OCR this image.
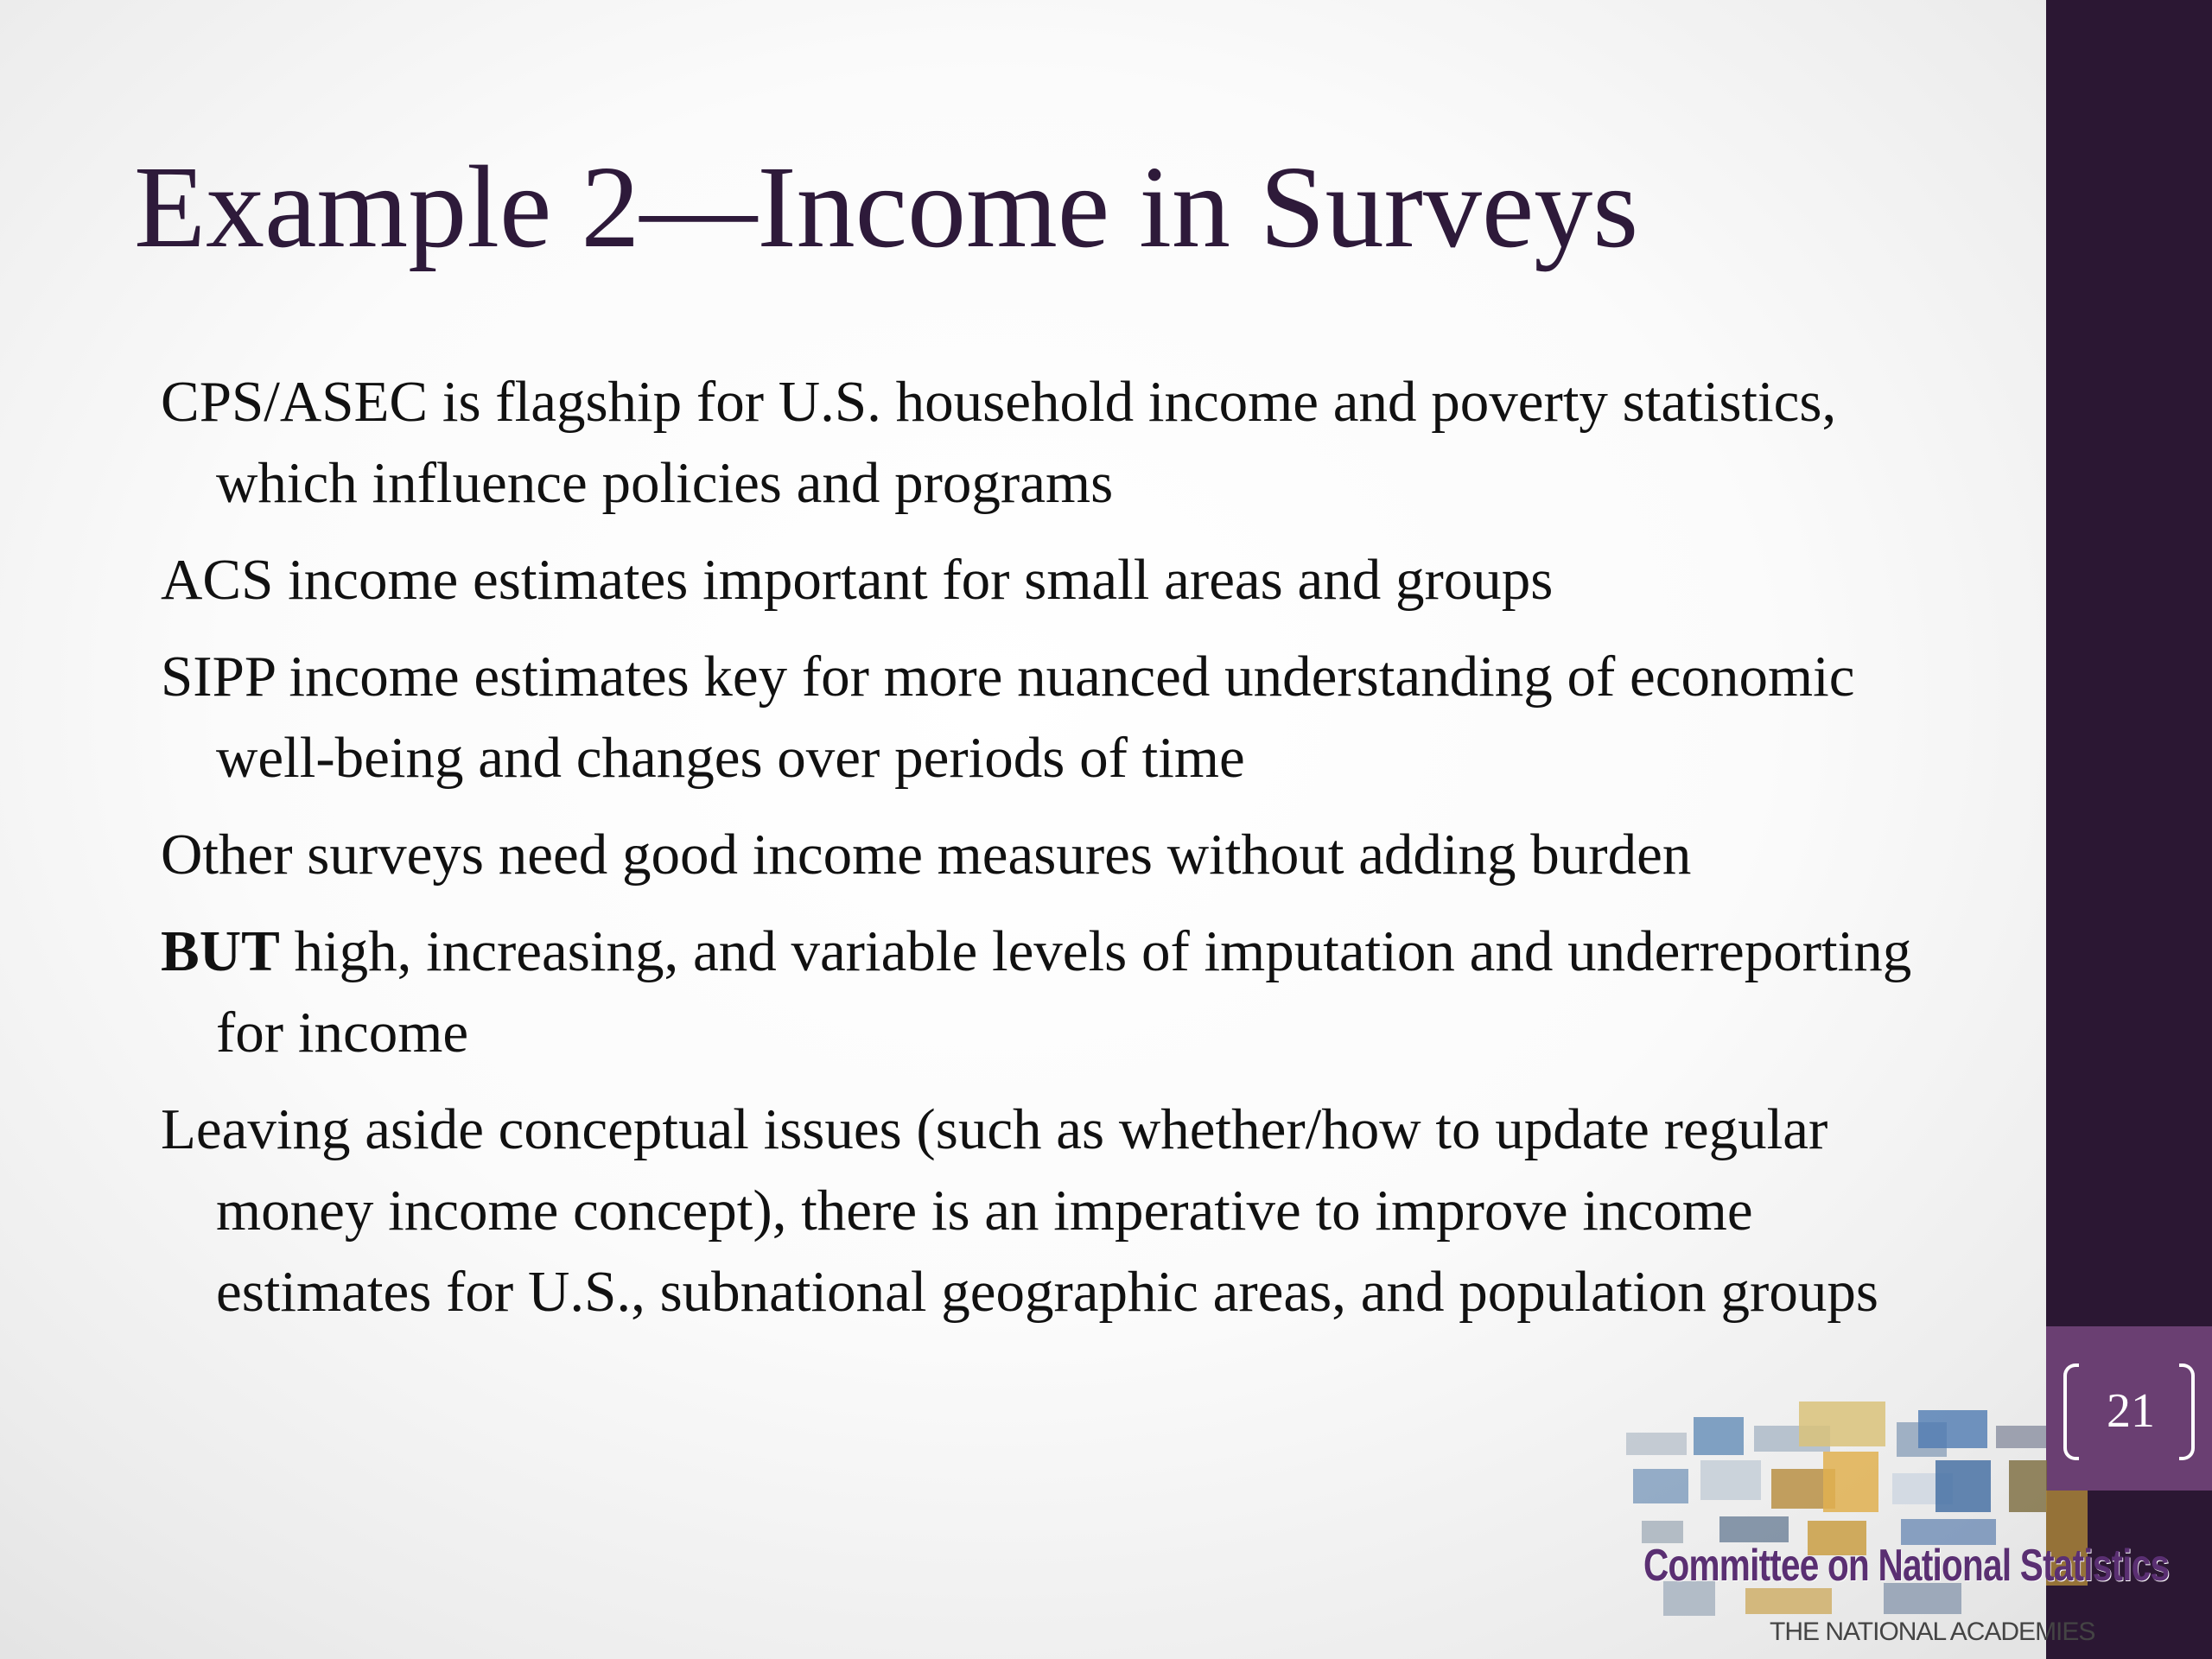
21
Example 2—Income in Surveys
CPS/ASEC is flagship for U.S. household income and poverty statistics, which influence policies and programs
ACS income estimates important for small areas and groups
SIPP income estimates key for more nuanced understanding of economic well-being and changes over periods of time
Other surveys need good income measures without adding burden
BUT high, increasing, and variable levels of imputation and underreporting for income
Leaving aside conceptual issues (such as whether/how to update regular money income concept), there is an imperative to improve income estimates for U.S., subnational geographic areas, and population groups
Committee on National Statistics
THE NATIONAL ACADEMIES
